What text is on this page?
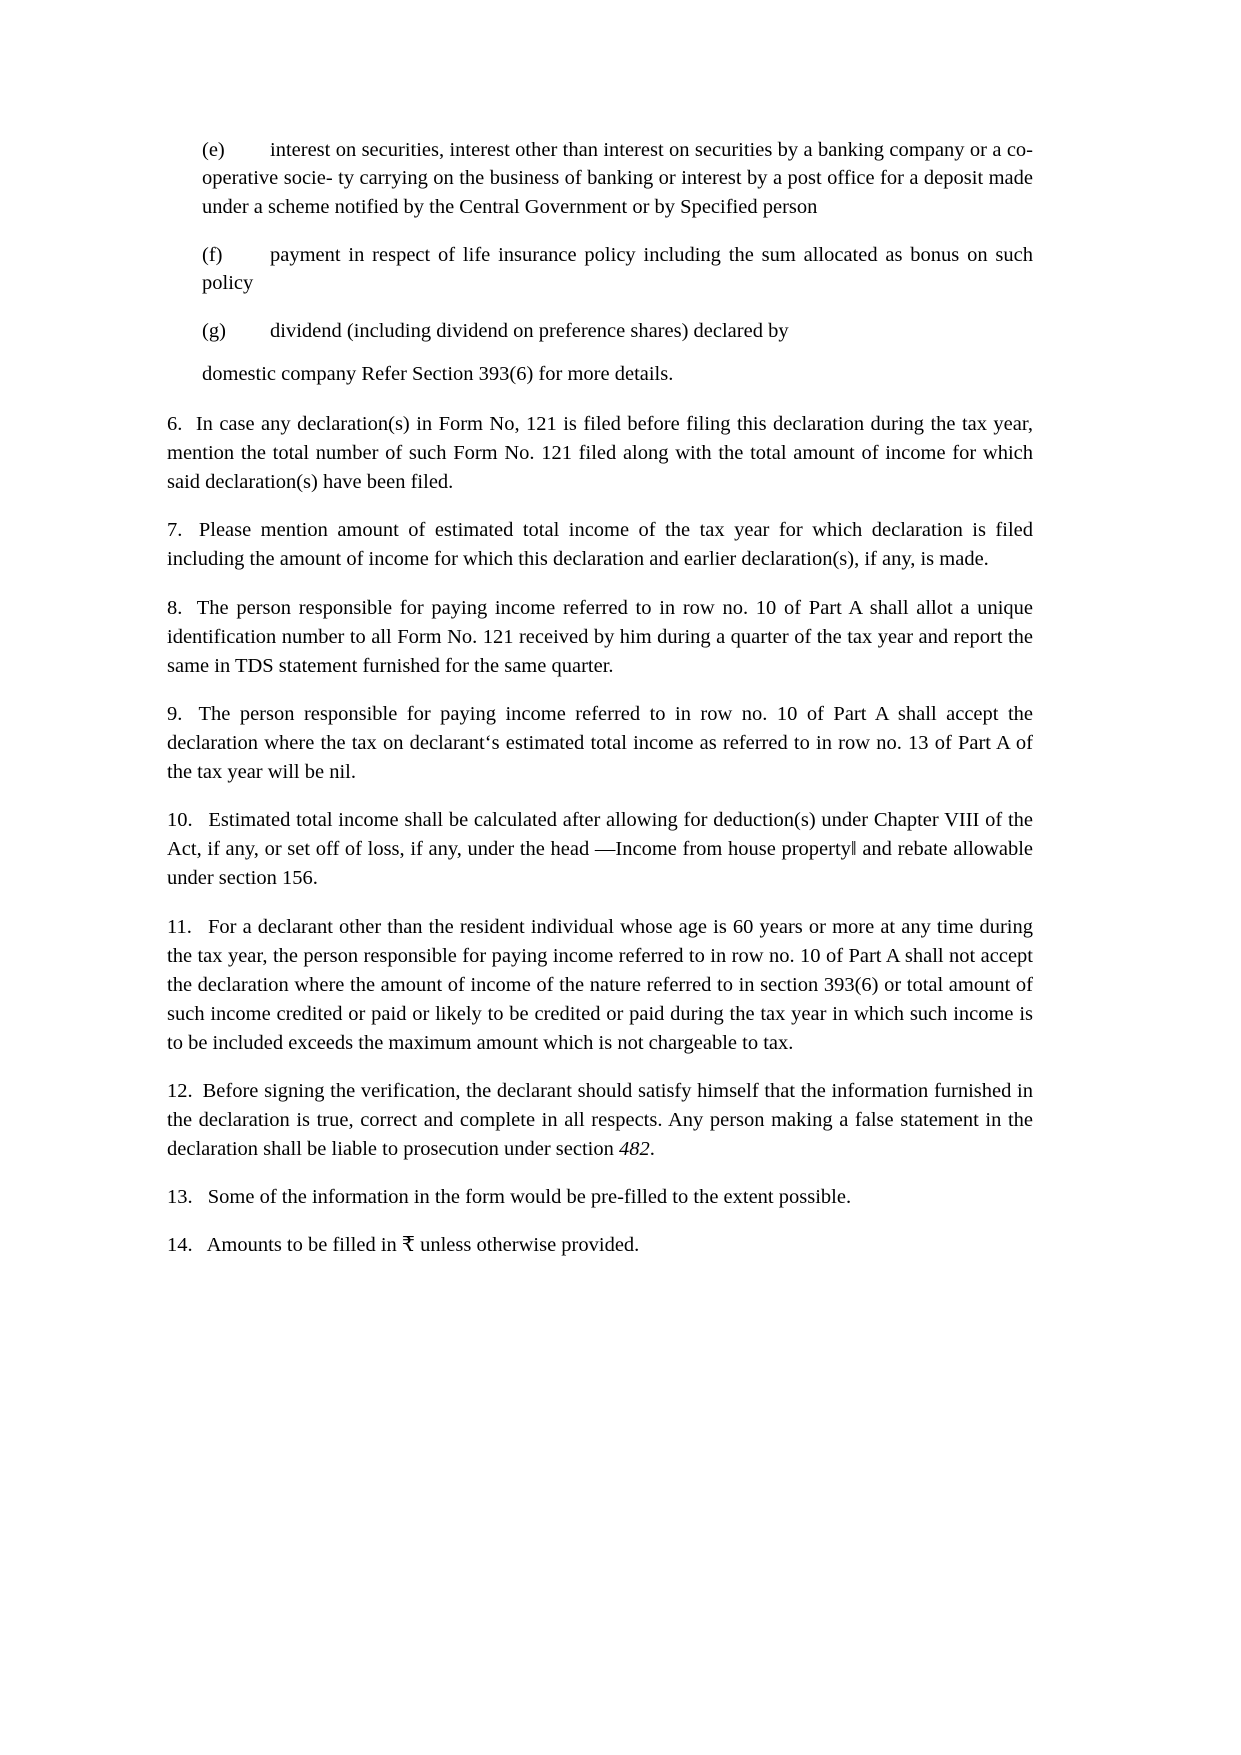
(e) interest on securities, interest other than interest on securities by a banking company or a co-operative socie- ty carrying on the business of banking or interest by a post office for a deposit made under a scheme notified by the Central Government or by Specified person

(f) payment in respect of life insurance policy including the sum allocated as bonus on such policy

(g) dividend (including dividend on preference shares) declared by

domestic company Refer Section 393(6) for more details.

6. In case any declaration(s) in Form No, 121 is filed before filing this declaration during the tax year, mention the total number of such Form No. 121 filed along with the total amount of income for which said declaration(s) have been filed.

7. Please mention amount of estimated total income of the tax year for which declaration is filed including the amount of income for which this declaration and earlier declaration(s), if any, is made.

8. The person responsible for paying income referred to in row no. 10 of Part A shall allot a unique identification number to all Form No. 121 received by him during a quarter of the tax year and report the same in TDS statement furnished for the same quarter.

9. The person responsible for paying income referred to in row no. 10 of Part A shall accept the declaration where the tax on declarant‘s estimated total income as referred to in row no. 13 of Part A of the tax year will be nil.

10. Estimated total income shall be calculated after allowing for deduction(s) under Chapter VIII of the Act, if any, or set off of loss, if any, under the head ―Income from house property‖ and rebate allowable under section 156.

11. For a declarant other than the resident individual whose age is 60 years or more at any time during the tax year, the person responsible for paying income referred to in row no. 10 of Part A shall not accept the declaration where the amount of income of the nature referred to in section 393(6) or total amount of such income credited or paid or likely to be credited or paid during the tax year in which such income is to be included exceeds the maximum amount which is not chargeable to tax.

12. Before signing the verification, the declarant should satisfy himself that the information furnished in the declaration is true, correct and complete in all respects. Any person making a false statement in the declaration shall be liable to prosecution under section 482.

13. Some of the information in the form would be pre-filled to the extent possible.

14. Amounts to be filled in ₹ unless otherwise provided.
